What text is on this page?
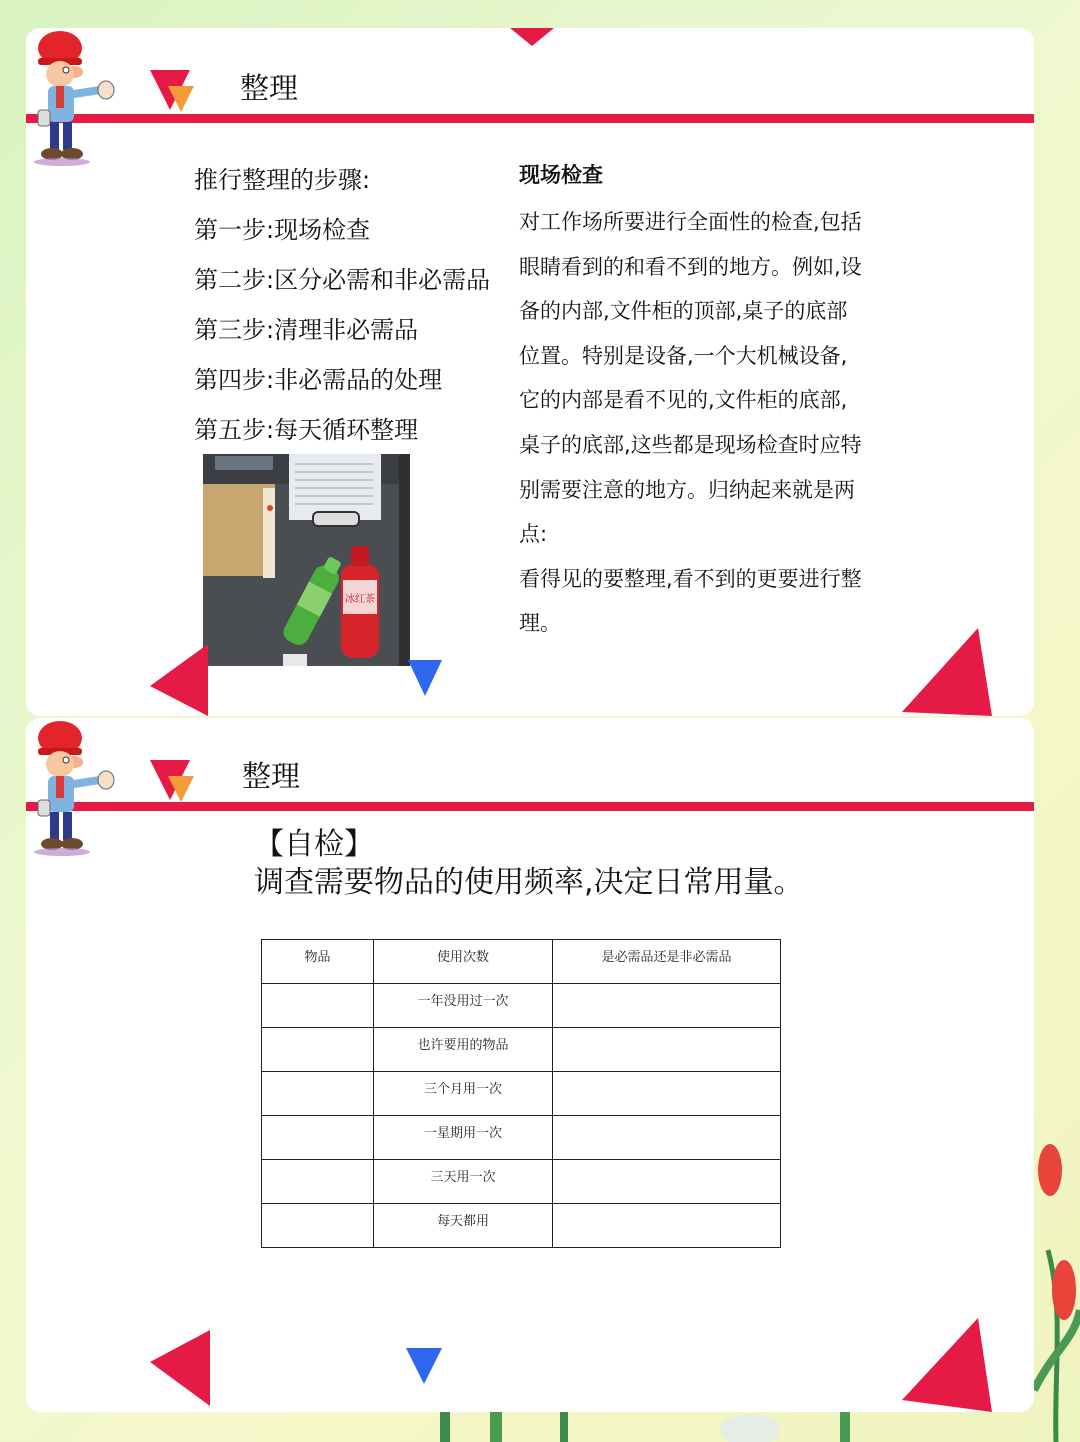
整理
推行整理的步骤:
第一步:现场检查
第二步:区分必需和非必需品
第三步:清理非必需品
第四步:非必需品的处理
第五步:每天循环整理
冰红茶
现场检查
对工作场所要进行全面性的检查,包括
眼睛看到的和看不到的地方。例如,设
备的内部,文件柜的顶部,桌子的底部
位置。特别是设备,一个大机械设备,
它的内部是看不见的,文件柜的底部,
桌子的底部,这些都是现场检查时应特
别需要注意的地方。归纳起来就是两点:
看得见的要整理,看不到的更要进行整
理。
整理
【自检】
调查需要物品的使用频率,决定日常用量。
物品	使用次数	是必需品还是非必需品
	一年没用过一次	
	也许要用的物品	
	三个月用一次	
	一星期用一次	
	三天用一次	
	每天都用	
